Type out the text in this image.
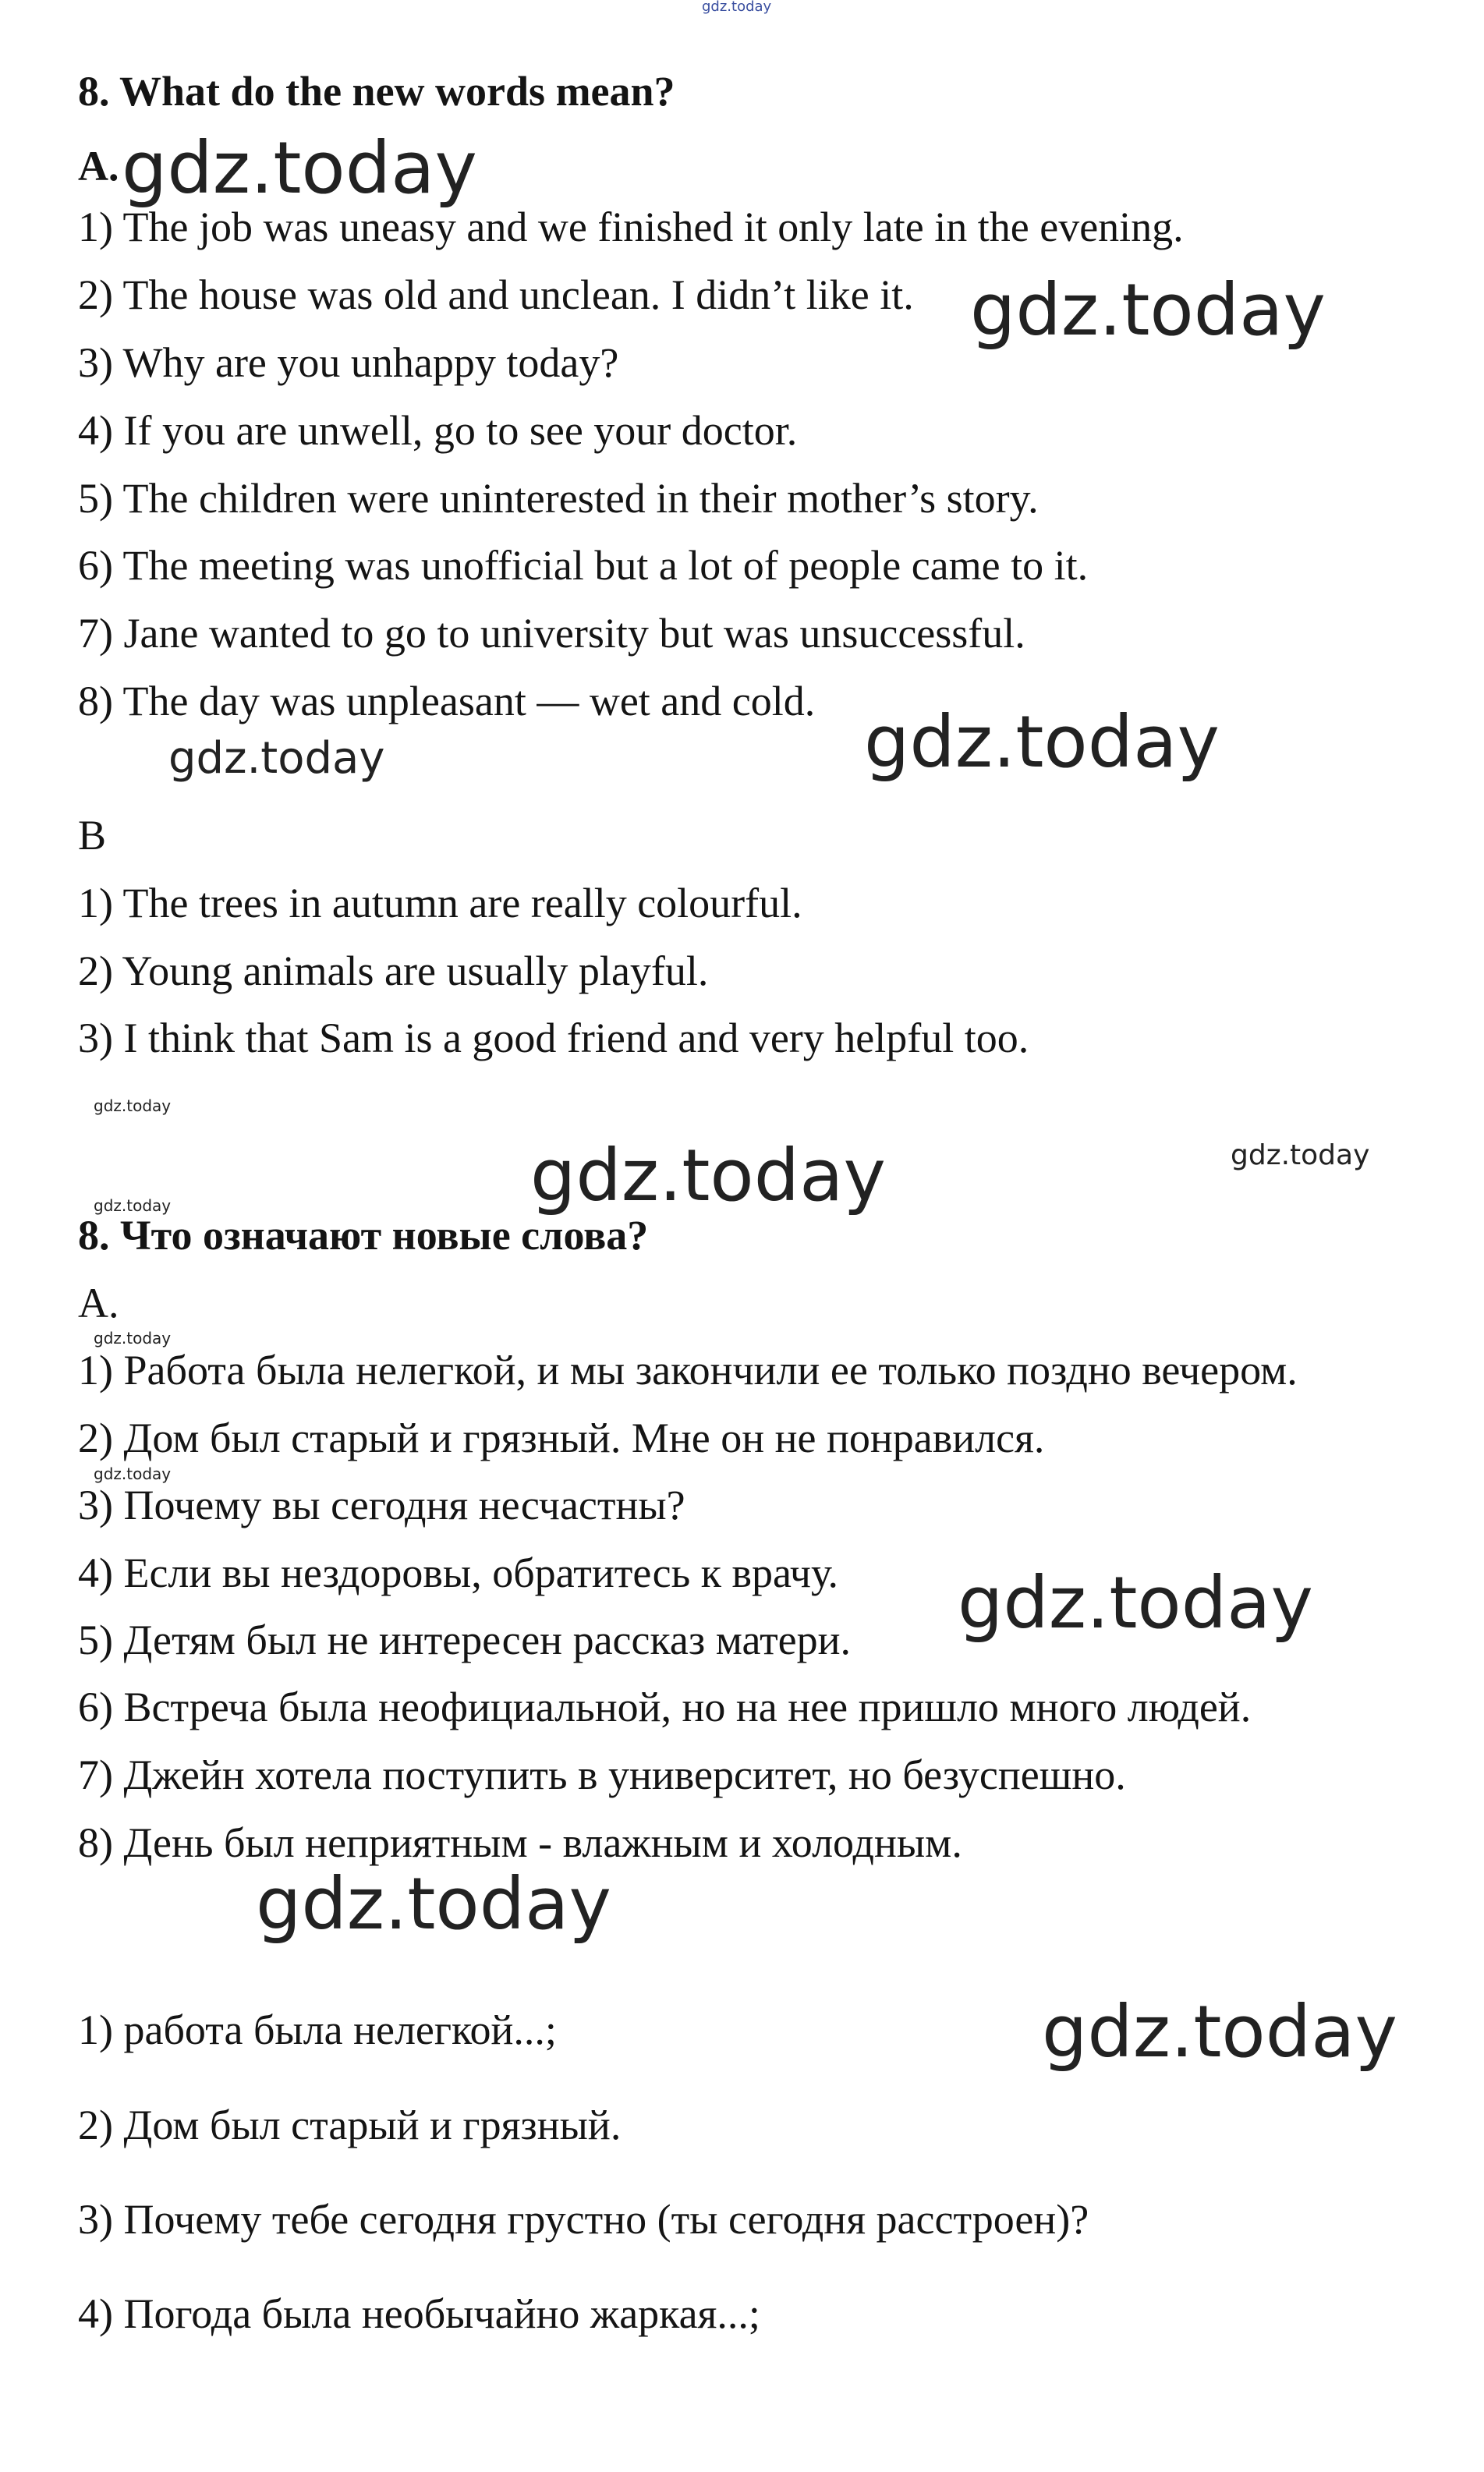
gdz.today
8. What do the new words mean?
A. gdz.today
1) The job was uneasy and we finished it only late in the evening.
2) The house was old and unclean. I didn’t like it. gdz.today
3) Why are you unhappy today?
4) If you are unwell, go to see your doctor.
5) The children were uninterested in their mother’s story.
6) The meeting was unofficial but a lot of people came to it.
7) Jane wanted to go to university but was unsuccessful.
8) The day was unpleasant — wet and cold. gdz.today
gdz.today
B
1) The trees in autumn are really colourful.
2) Young animals are usually playful.
3) I think that Sam is a good friend and very helpful too.
gdz.today
gdz.today	gdz.today
gdz.today
8. Что означают новые слова?
А.
gdz.today
1) Работа была нелегкой, и мы закончили ее только поздно вечером.
2) Дом был старый и грязный. Мне он не понравился.
gdz.today
3) Почему вы сегодня несчастны?
4) Если вы нездоровы, обратитесь к врачу. gdz.today
5) Детям был не интересен рассказ матери.
6) Встреча была неофициальной, но на нее пришло много людей.
7) Джейн хотела поступить в университет, но безуспешно.
8) День был неприятным - влажным и холодным.
gdz.today
1) работа была нелегкой...;	gdz.today
2) Дом был старый и грязный.
3) Почему тебе сегодня грустно (ты сегодня расстроен)?
4) Погода была необычайно жаркая...;
